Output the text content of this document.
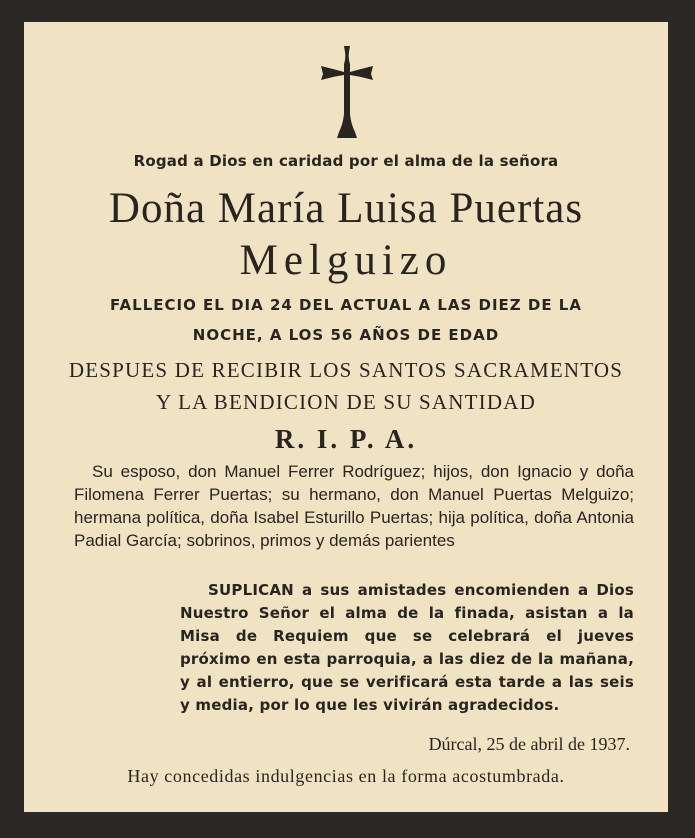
Rogad a Dios en caridad por el alma de la señora
Doña María Luisa Puertas
Melguizo
FALLECIO EL DIA 24 DEL ACTUAL A LAS DIEZ DE LA
NOCHE, A LOS 56 AÑOS DE EDAD
DESPUES DE RECIBIR LOS SANTOS SACRAMENTOS
Y LA BENDICION DE SU SANTIDAD
R. I. P. A.

Su esposo, don Manuel Ferrer Rodríguez; hijos, don Ignacio y doña Filomena Ferrer Puertas; su hermano, don Manuel Puertas Melguizo; hermana política, doña Isabel Esturillo Puertas; hija política, doña Antonia Padial García; sobrinos, primos y demás parientes

SUPLICAN a sus amistades encomienden a Dios Nuestro Señor el alma de la finada, asistan a la Misa de Requiem que se celebrará el jueves próximo en esta parroquia, a las diez de la mañana, y al entierro, que se verificará esta tarde a las seis y media, por lo que les vivirán agradecidos.

Dúrcal, 25 de abril de 1937.
Hay concedidas indulgencias en la forma acostumbrada.
